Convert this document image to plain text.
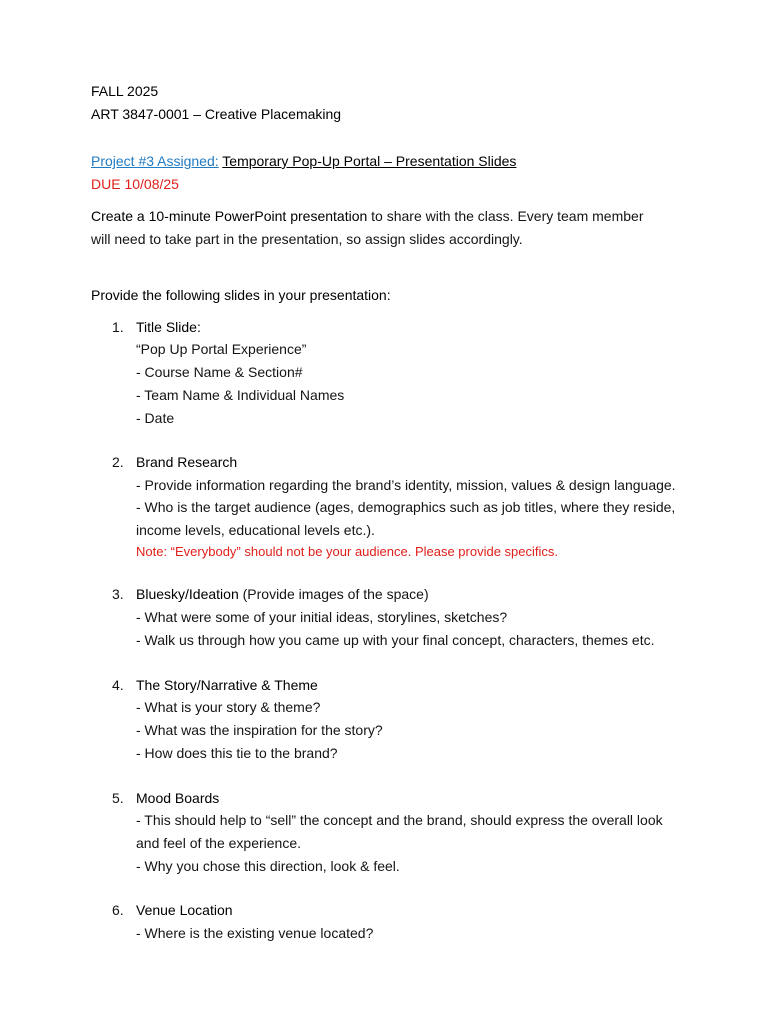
FALL 2025
ART 3847-0001 – Creative Placemaking
Project #3 Assigned: Temporary Pop-Up Portal – Presentation Slides
DUE 10/08/25
Create a 10-minute PowerPoint presentation to share with the class. Every team member
will need to take part in the presentation, so assign slides accordingly.
Provide the following slides in your presentation:
1. Title Slide:
“Pop Up Portal Experience”
- Course Name & Section#
- Team Name & Individual Names
- Date
2. Brand Research
- Provide information regarding the brand’s identity, mission, values & design language.
- Who is the target audience (ages, demographics such as job titles, where they reside,
income levels, educational levels etc.).
Note: “Everybody” should not be your audience. Please provide specifics.
3. Bluesky/Ideation (Provide images of the space)
- What were some of your initial ideas, storylines, sketches?
- Walk us through how you came up with your final concept, characters, themes etc.
4. The Story/Narrative & Theme
- What is your story & theme?
- What was the inspiration for the story?
- How does this tie to the brand?
5. Mood Boards
- This should help to “sell” the concept and the brand, should express the overall look
and feel of the experience.
- Why you chose this direction, look & feel.
6. Venue Location
- Where is the existing venue located?
